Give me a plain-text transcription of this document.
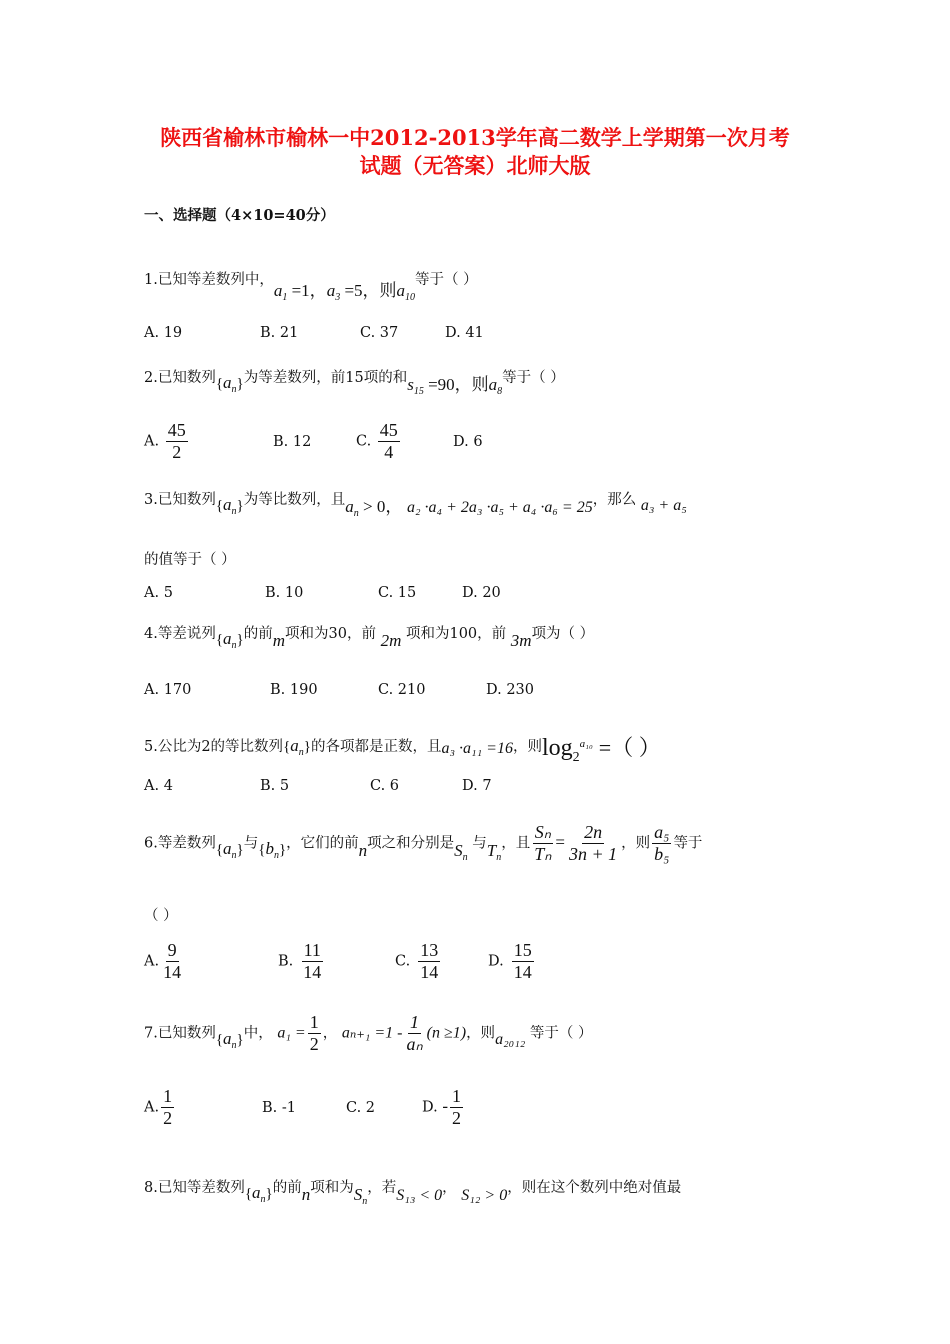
陕西省榆林市榆林一中2012-2013学年高二数学上学期第一次月考
试题（无答案）北师大版
一、选择题（4×10=40分）
1.已知等差数列中，$a_1 =1$，$a_3 =5$，则$a_{10}$等于（ ）
A. 19	B. 21	C. 37	D. 41
2.已知数列$\{a_n\}$为等差数列，前15项的和$s_{15} =90$，则$a_8$等于（ ）
A. $\frac{45}{2}$	B. 12	C. $\frac{45}{4}$	D. 6
3.已知数列$\{a_n\}$为等比数列，且$a_n > 0$， a₂ ·a₄ + 2a₃ ·a₅ + a₄ ·a₆ = 25，那么 a₃ + a₅
的值等于（ ）
A. 5	B. 10	C. 15	D. 20
4.等差说列$\{a_n\}$的前m项和为30，前 2m 项和为100，前 3m项为（ ）
A. 170	B. 190	C. 210	D. 230
5.公比为2的等比数列$\{a_n\}$的各项都是正数，且a₃ ·a₁₁ =16，则$\log_2^{a_{10}}$ =（ ）
A. 4	B. 5	C. 6	D. 7
6.等差数列$\{a_n\}$与$\{b_n\}$，它们的前n项之和分别是$S_n$ 与$T_n$，且 $\frac{\text{Sₙ}}{\text{Tₙ}} = \frac{2n}{3n + 1}$ ，则 $\frac{\text{a₅}}{\text{b₅}}$ 等于
（ ）
A. $\frac{9}{14}$	B. $\frac{11}{14}$	C. $\frac{13}{14}$	D. $\frac{15}{14}$
7.已知数列$\{a_n\}$中， $a_1 = \frac{1}{2}$ ， $a_{n+1} =1 - \frac{1}{\text{aₙ}} (n \ge 1)$，则a₂₀₁₂ 等于（ ）
A. $\frac{1}{2}$	B. -1	C. 2	D. - $\frac{1}{2}$
8.已知等差数列$\{a_n\}$的前n项和为$S_n$，若S₁₃ < 0， S₁₂ > 0，则在这个数列中绝对值最
